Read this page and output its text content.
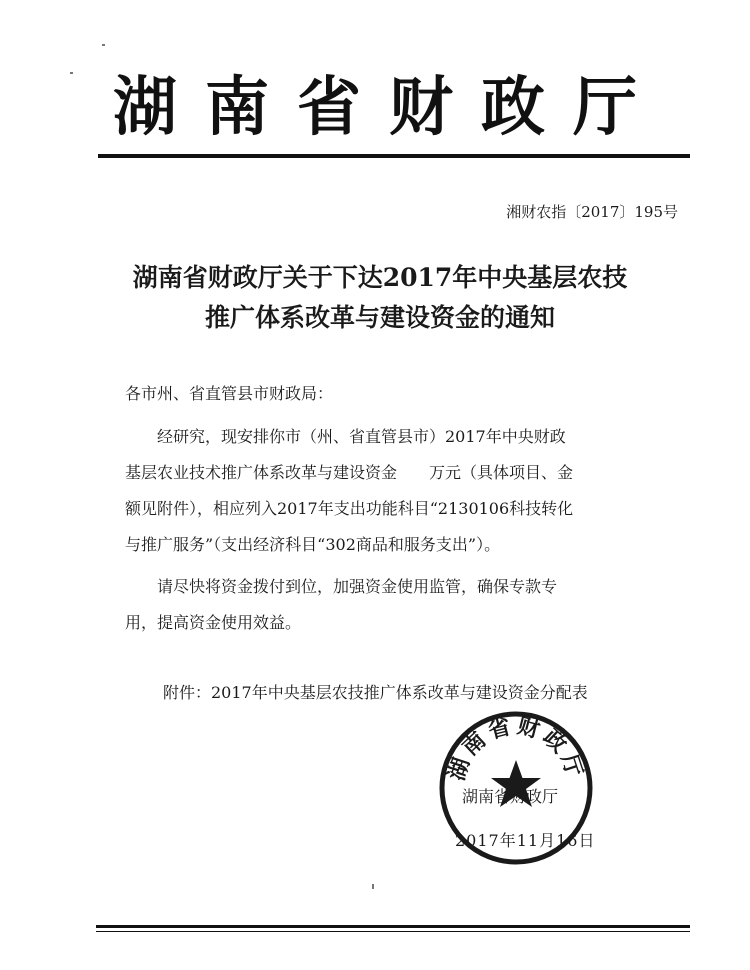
湖南省财政厅
湘财农指〔2017〕195号
湖南省财政厅关于下达2017年中央基层农技
推广体系改革与建设资金的通知
各市州、省直管县市财政局：

经研究，现安排你市（州、省直管县市）2017年中央财政

基层农业技术推广体系改革与建设资金　　万元（具体项目、金

额见附件），相应列入2017年支出功能科目“2130106科技转化

与推广服务”（支出经济科目“302商品和服务支出”）。

请尽快将资金拨付到位，加强资金使用监管，确保专款专

用，提高资金使用效益。

附件：2017年中央基层农技推广体系改革与建设资金分配表
湖南省财政厅
湖南省财政厅
2017年11月16日
